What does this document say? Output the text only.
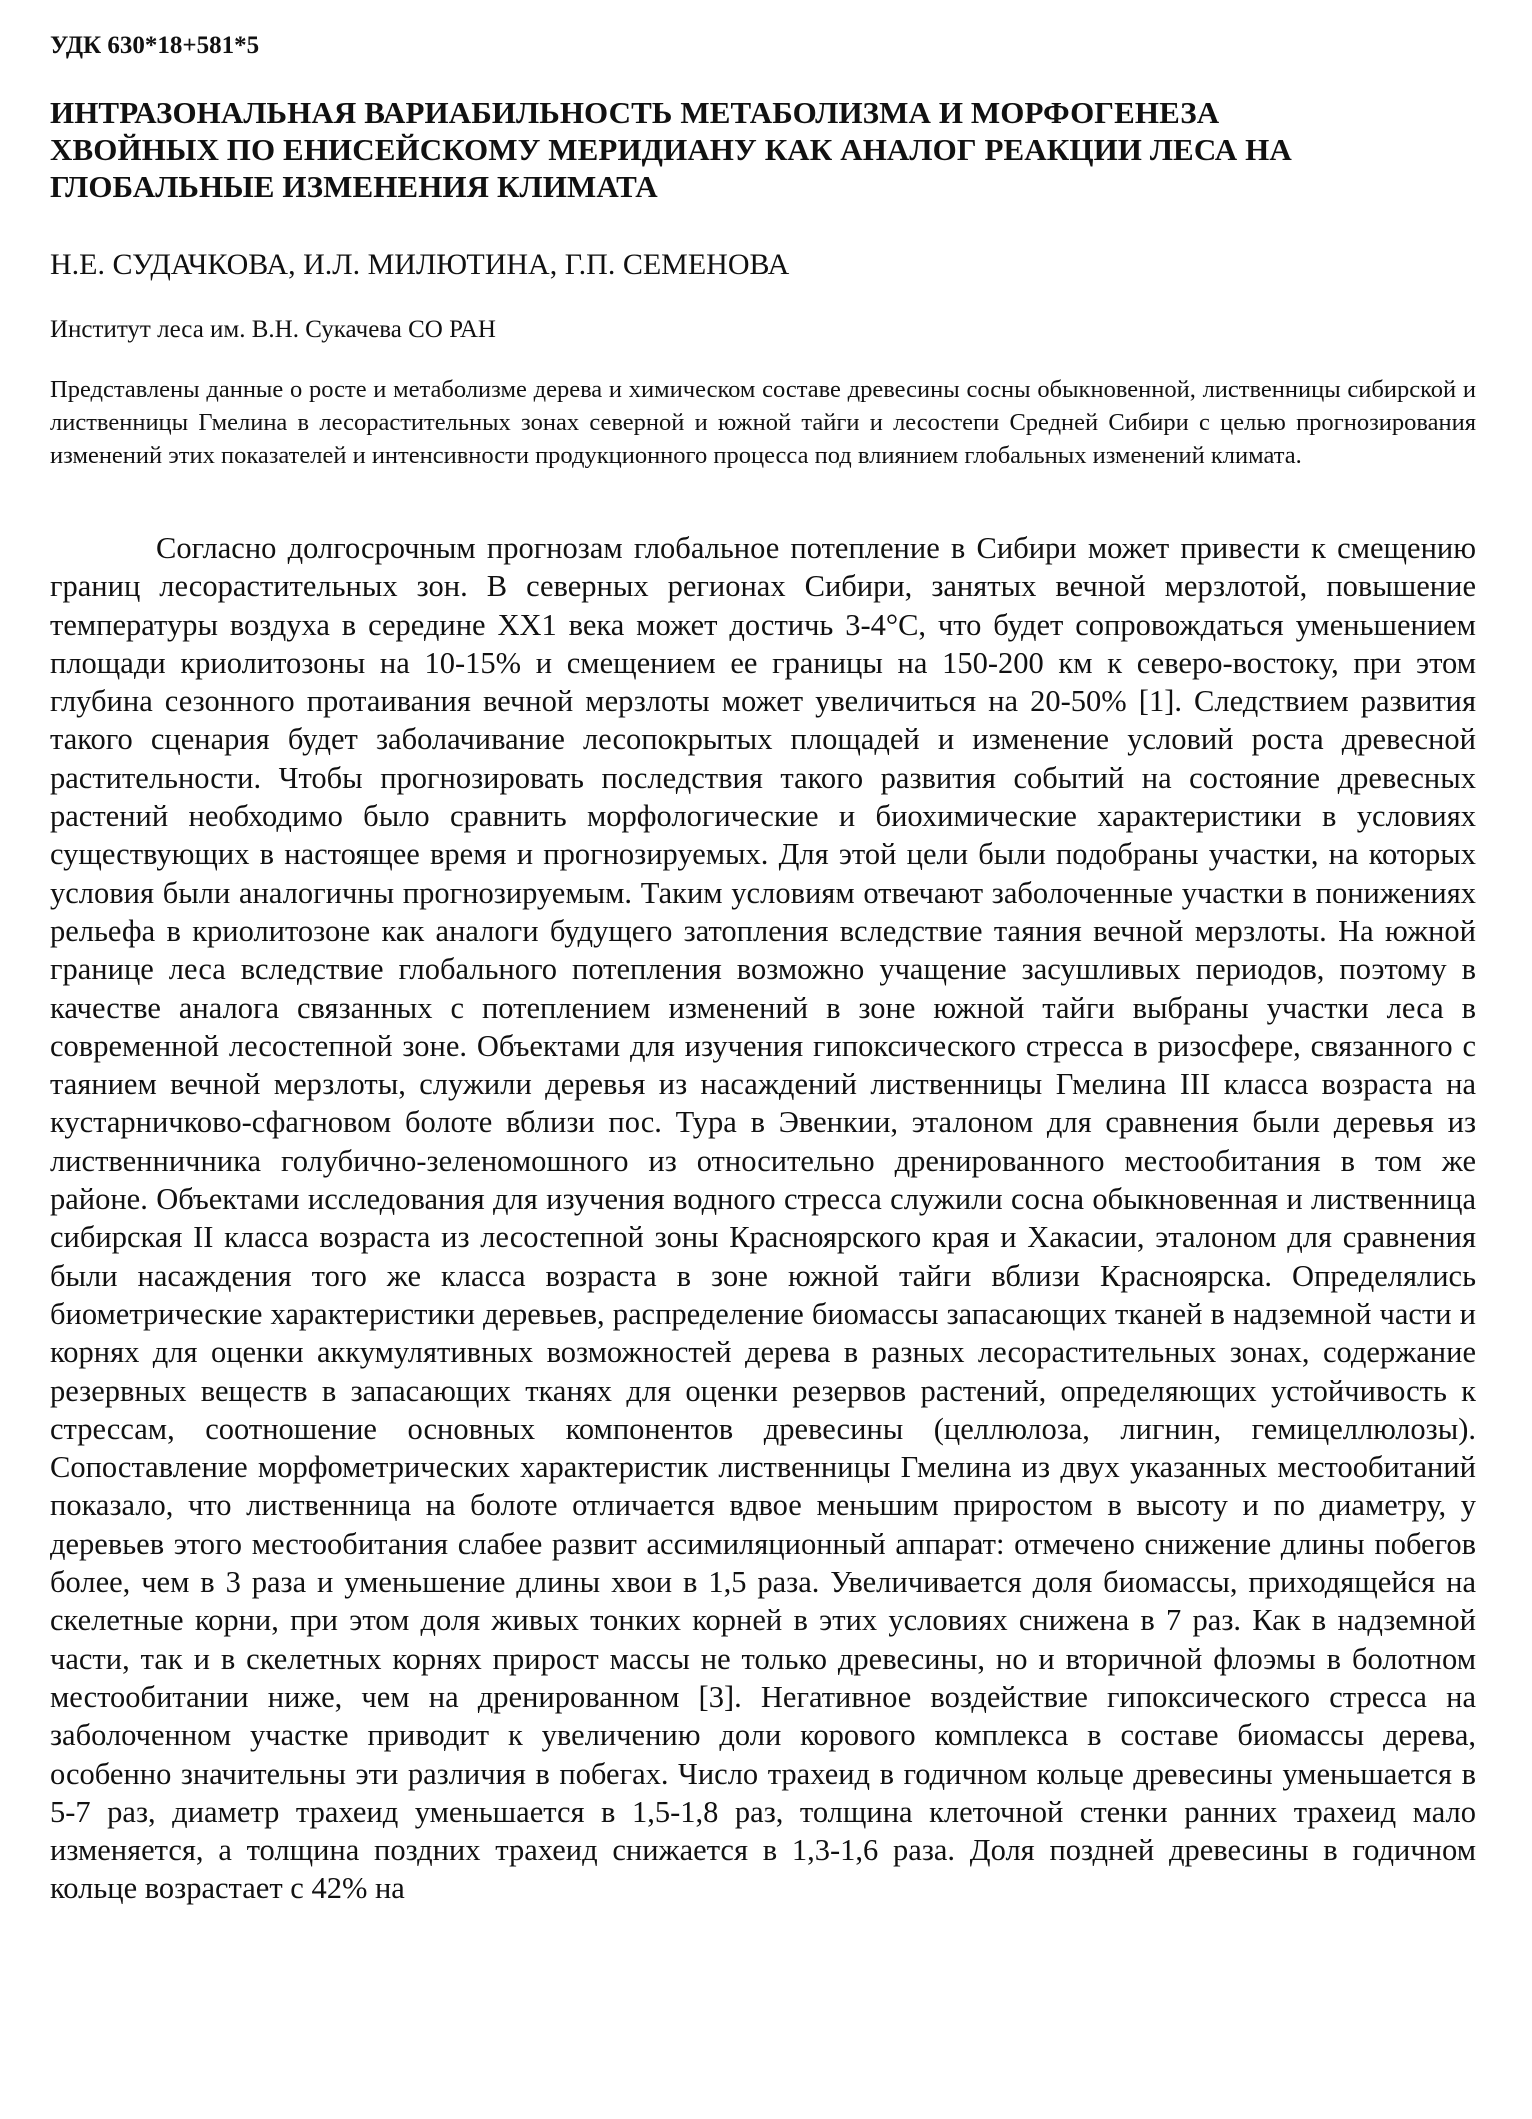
УДК 630*18+581*5
ИНТРАЗОНАЛЬНАЯ ВАРИАБИЛЬНОСТЬ МЕТАБОЛИЗМА И МОРФОГЕНЕЗА ХВОЙНЫХ ПО ЕНИСЕЙСКОМУ МЕРИДИАНУ КАК АНАЛОГ РЕАКЦИИ ЛЕСА НА ГЛОБАЛЬНЫЕ ИЗМЕНЕНИЯ КЛИМАТА
Н.Е. СУДАЧКОВА, И.Л. МИЛЮТИНА, Г.П. СЕМЕНОВА
Институт леса им. В.Н. Сукачева СО РАН
Представлены данные о росте и метаболизме дерева и химическом составе древесины сосны обыкновенной, лиственницы сибирской и лиственницы Гмелина в лесорастительных зонах северной и южной тайги и лесостепи Средней Сибири с целью прогнозирования изменений этих показателей и интенсивности продукционного процесса под влиянием глобальных изменений климата.
Согласно долгосрочным прогнозам глобальное потепление в Сибири может привести к смещению границ лесорастительных зон. В северных регионах Сибири, занятых вечной мерзлотой, повышение температуры воздуха в середине XX1 века может достичь 3-4°C, что будет сопровождаться уменьшением площади криолитозоны на 10-15% и смещением ее границы на 150-200 км к северо-востоку, при этом глубина сезонного протаивания вечной мерзлоты может увеличиться на 20-50% [1]. Следствием развития такого сценария будет заболачивание лесопокрытых площадей и изменение условий роста древесной растительности. Чтобы прогнозировать последствия такого развития событий на состояние древесных растений необходимо было сравнить морфологические и биохимические характеристики в условиях существующих в настоящее время и прогнозируемых. Для этой цели были подобраны участки, на которых условия были аналогичны прогнозируемым. Таким условиям отвечают заболоченные участки в понижениях рельефа в криолитозоне как аналоги будущего затопления вследствие таяния вечной мерзлоты. На южной границе леса вследствие глобального потепления возможно учащение засушливых периодов, поэтому в качестве аналога связанных с потеплением изменений в зоне южной тайги выбраны участки леса в современной лесостепной зоне. Объектами для изучения гипоксического стресса в ризосфере, связанного с таянием вечной мерзлоты, служили деревья из насаждений лиственницы Гмелина III класса возраста на кустарничково-сфагновом болоте вблизи пос. Тура в Эвенкии, эталоном для сравнения были деревья из лиственничника голубично-зеленомошного из относительно дренированного местообитания в том же районе. Объектами исследования для изучения водного стресса служили сосна обыкновенная и лиственница сибирская II класса возраста из лесостепной зоны Красноярского края и Хакасии, эталоном для сравнения были насаждения того же класса возраста в зоне южной тайги вблизи Красноярска. Определялись биометрические характеристики деревьев, распределение биомассы запасающих тканей в надземной части и корнях для оценки аккумулятивных возможностей дерева в разных лесорастительных зонах, содержание резервных веществ в запасающих тканях для оценки резервов растений, определяющих устойчивость к стрессам, соотношение основных компонентов древесины (целлюлоза, лигнин, гемицеллюлозы). Сопоставление морфометрических характеристик лиственницы Гмелина из двух указанных местообитаний показало, что лиственница на болоте отличается вдвое меньшим приростом в высоту и по диаметру, у деревьев этого местообитания слабее развит ассимиляционный аппарат: отмечено снижение длины побегов более, чем в 3 раза и уменьшение длины хвои в 1,5 раза. Увеличивается доля биомассы, приходящейся на скелетные корни, при этом доля живых тонких корней в этих условиях снижена в 7 раз. Как в надземной части, так и в скелетных корнях прирост массы не только древесины, но и вторичной флоэмы в болотном местообитании ниже, чем на дренированном [3]. Негативное воздействие гипоксического стресса на заболоченном участке приводит к увеличению доли корового комплекса в составе биомассы дерева, особенно значительны эти различия в побегах. Число трахеид в годичном кольце древесины уменьшается в 5-7 раз, диаметр трахеид уменьшается в 1,5-1,8 раз, толщина клеточной стенки ранних трахеид мало изменяется, а толщина поздних трахеид снижается в 1,3-1,6 раза. Доля поздней древесины в годичном кольце возрастает с 42% на
